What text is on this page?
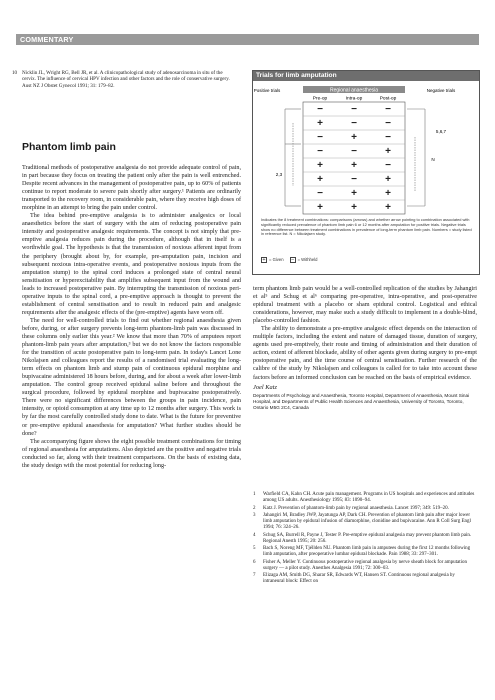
COMMENTARY
10 Nicklin JL, Wright RG, Bell JR, et al. A clinicopathological study of adenosarcinoma in situ of the cervix. The influence of cervical HPV infection and other factors and the role of conservative surgery. Aust NZ J Obstet Gynecol 1991; 31: 179–82.
Phantom limb pain

Traditional methods of postoperative analgesia do not provide adequate control of pain, in part because they focus on treating the patient only after the pain is well entrenched. Despite recent advances in the management of postoperative pain, up to 60% of patients continue to report moderate to severe pain shortly after surgery.¹ Patients are ordinarily transported to the recovery room, in considerable pain, where they receive high doses of morphine in an attempt to bring the pain under control.

The idea behind pre-emptive analgesia is to administer analgesics or local anaesthetics before the start of surgery with the aim of reducing postoperative pain intensity and postoperative analgesic requirements. The concept is not simply that pre-emptive analgesia reduces pain during the procedure, although that in itself is a worthwhile goal. The hypothesis is that the transmission of noxious afferent input from the periphery (brought about by, for example, pre-amputation pain, incision and subsequent noxious intra-operative events, and postoperative noxious inputs from the amputation stump) to the spinal cord induces a prolonged state of central neural sensitisation or hyperexcitability that amplifies subsequent input from the wound and leads to increased postoperative pain. By interrupting the transmission of noxious peri-operative inputs to the spinal cord, a pre-emptive approach is thought to prevent the establishment of central sensitisation and to result in reduced pain and analgesic requirements after the analgesic effects of the (pre-emptive) agents have worn off.

The need for well-controlled trials to find out whether regional anaesthesia given before, during, or after surgery prevents long-term phantom-limb pain was discussed in these columns only earlier this year.² We know that more than 70% of amputees report phantom-limb pain years after amputation,³ but we do not know the factors responsible for the transition of acute postoperative pain to long-term pain. In today's Lancet Lone Nikolajsen and colleagues report the results of a randomised trial evaluating the long-term effects on phantom limb and stump pain of continuous epidural morphine and bupivacaine administered 18 hours before, during, and for about a week after lower-limb amputation. The control group received epidural saline before and throughout the surgical procedure, followed by epidural morphine and bupivacaine postoperatively. There were no significant differences between the groups in pain incidence, pain intensity, or opioid consumption at any time up to 12 months after surgery. This work is by far the most carefully controlled study done to date. What is the future for preventive or pre-emptive epidural anaesthesia for amputation? What further studies should be done?

The accompanying figure shows the eight possible treatment combinations for timing of regional anaesthesia for amputations. Also depicted are the positive and negative trials conducted so far, along with their treatment comparisons. On the basis of existing data, the study design with the most potential for reducing long-

Trials for limb amputation
Regional anaesthesia
Pre-op	Intra-op	Post-op
Positive trials	Negative trials
−	−	−
+	−	−
−	+	−
−	−	+
+	+	−
+	−	+
−	+	+
+	+	+
2,3
5,6,7
N
Indicates the 8 treatment combinations: comparisons (arrows) and whether arrow pointing to combination associated with significantly reduced prevalence of phantom limb pain 6 or 12 months after amputation for positive trials. Negative trials show no difference between treatment combinations in prevalence of long-term phantom limb pain. Numbers = study listed in reference list. N = Nikolajsen study.
+ = Given − = Withheld

term phantom limb pain would be a well-controlled replication of the studies by Jahangiri et al⁵ and Schug et al⁶ comparing pre-operative, intra-operative, and post-operative epidural treatment with a placebo or sham epidural control. Logistical and ethical considerations, however, may make such a study difficult to implement in a double-blind, placebo-controlled fashion.

The ability to demonstrate a pre-emptive analgesic effect depends on the interaction of multiple factors, including the extent and nature of damaged tissue, duration of surgery, agents used pre-emptively, their route and timing of administration and their duration of action, extent of afferent blockade, ability of other agents given during surgery to pre-empt postoperative pain, and the time course of central sensitisation. Further research of the calibre of the study by Nikolajsen and colleagues is called for to take into account these factors before an informed conclusion can be reached on the basis of empirical evidence.

Joel Katz
Departments of Psychology and Anaesthesia, Toronto Hospital, Department of Anaesthesia, Mount Sinai Hospital, and Departments of Public Health Sciences and Anaesthesia, University of Toronto, Toronto, Ontario M5G 2C4, Canada
1 Warfield CA, Kahn CH. Acute pain management. Programs in US hospitals and experiences and attitudes among US adults. Anesthesiology 1995; 83: 1090–94.
2 Katz J. Prevention of phantom-limb pain by regional anaesthesia. Lancet 1997; 349: 519–20.
3 Jahangiri M, Bradley JWP, Jayatunga AP, Dark CH. Prevention of phantom limb pain after major lower limb amputation by epidural infusion of diamorphine, clonidine and bupivacaine. Ann R Coll Surg Engl 1994; 76: 324–26.
4 Schug SA, Burrell R, Payne J, Tester P. Pre-emptive epidural analgesia may prevent phantom limb pain. Regional Anesth 1995; 20: 256.
5 Bach S, Noreng MF, Tjéllden NU. Phantom limb pain in amputees during the first 12 months following limb amputation, after preoperative lumbar epidural blockade. Pain 1988; 33: 297–301.
6 Fisher A, Meller Y. Continuous postoperative regional analgesia by nerve sheath block for amputation surgery — a pilot study. Anesthes Analgesia 1991; 72: 300–03.
7 Elizaga AM, Smith DG, Sharar SR, Edwards WT, Hansen ST. Continuous regional analgesia by intraneural block: Effect on
